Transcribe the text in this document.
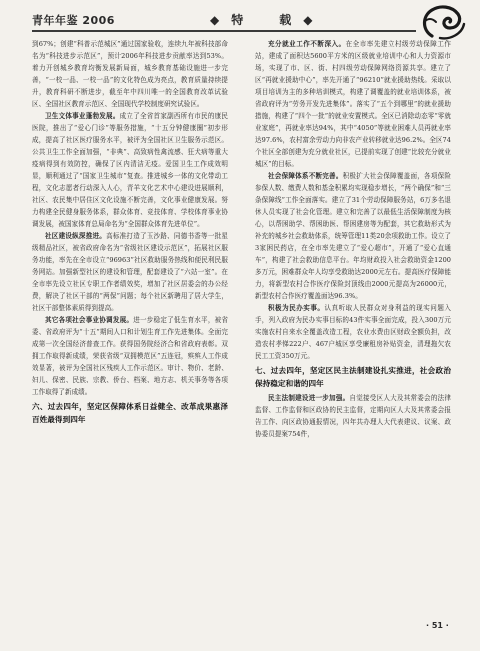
青年年鉴 2006	◆特　载◆

到67%；创建“科普示范城区”通过国家验收，连续九年被科技部命名为“科技进步示范区”，预计2006年科技进步贡献率达到53%。着力开创城乡教育均衡发展新局面，城乡教育基础设施进一步完善，“一校一品、一校一品”的文化特色成为亮点，教育质量持续提升，教育科研不断进步，截至年中四川唯一的全国教育改革试验区、全国社区教育示范区、全国现代学校制度研究试验区。

卫生文体事业蓬勃发展。成立了全省首家副西所有市民的康民医院，推出了“爱心门诊”等服务措施，“十五分钟健康圈”初步形成，提高了社区医疗服务水平，被评为全国社区卫生服务示范区。公共卫生工作全面加强，“非典”、高致病性禽流感、狂犬病等重大疫病得到有效防控，确保了区内清洁无疫。爱国卫生工作成效明显，顺利通过了“国家卫生城市”复查。推进城乡一体的文化带动工程，文化志愿者行动深入人心，青羊文化艺术中心建设进展顺利，社区、农民集中居住区文化设施不断完善，文化事业健康发展。努力构建全民健身服务体系，群众体育、竞技体育、学校体育事业协调发展，被国家体育总局命名为“全国群众体育先进单位”。

社区建设纵深推进。高标准打造了玉沙路、同德书香等一批星级精品社区，被省政府命名为“省级社区建设示范区”，拓展社区服务功能，率先在全市设立“96963”社区救助服务热线和便民利民服务网站。加强新型社区的建设和管理，配套建设了“六站一室”。在全市率先设立社区专职工作者绩效奖，增加了社区居委会的办公经费，解决了社区干部的“两保”问题；每个社区新聘用了居大学生，社区干部整体素质得到提高。

其它各项社会事业协调发展。进一步稳定了低生育水平，被省委、省政府评为“十五”期间人口和计划生育工作先进集体。全面完成第一次全国经济普查工作。获得国务院经济合和省政府表彰。双拥工作取得新成绩，荣获省级“双拥模范区”五连冠，殡殡人工作成效显著，被评为全国社区残疾人工作示范区。审计、物价、老龄、妇儿、保密、民族、宗教、侨台、档案、地方志、机关事务等各项工作取得了新成绩。

六、过去四年，坚定区保障体系日益健全、改革成果惠泽百姓最得到四年

充分就业工作不断深入。在全市率先建立村级劳动保障工作站，建成了面积达5600平方米的区级就业培训中心和人力资源市场，实现了市、区、街、村四级劳动保障网络资源共享。建立了区“再就业援助中心”，率先开通了“96210”就业援助热线。采取以项目培训为主的多种培训模式，构建了调覆盖的就业培训体系，被省政府评为“劳务开发先进集体”。落实了“五个到哪里”的就业援助措施，构建了“四个一批”的就业安置模式。全区已消除动态零“零就业家庭”，再就业率达94%，其中“4050”等就业困难人员再就业率达97.6%，农村富余劳动力向非农产业转移就业达96.2%。全区74个社区全部创建为充分就业社区，已提前实现了创建“比较充分就业城区”的目标。

社会保障体系不断完善。积极扩大社会保障覆盖面，各项保险参保人数、缴费人数和基金积累均实现稳步增长，“两个确保”和“三条保障线”工作全面落实。建立了31个劳动保障服务站，6万多名退休人员实现了社会化管理。建立和完善了以最低生活保障制度为核心，以帮困助学、帮困助医、帮困建房等为配套，其它救助形式为补充的城乡社会救助体系，统筹管理11类20余项救助工作。设立了3家困民药店，在全市率先建立了“爱心超市”，开通了“爱心直通车”，构建了社会救助信息平台。年均财政投入社会救助资金1200多万元，困难群众年人均享受救助达2000元左右。提高医疗保障能力，将新型农村合作医疗保险封顶线由2000元提高为26000元，新型农村合作医疗覆盖面达96.3%。

积极为民办实事。认真听取人民群众对身利益的现实问题入手，列入政府为民办实事目标的43件实事全面完成，投入300万元实施农村自来水全覆盖改造工程，农业水费由区财政全额负担，改造农村孝悌222户、467户城区享受廉租房补贴资金，清理拖欠农民工工资350万元。

七、过去四年，坚定区民主法制建设扎实推进，社会政治保持稳定和谐的四年

民主法制建设进一步加强。自觉接受区人大及其常委会的法律监督、工作监督和区政协的民主监督，定期向区人大及其常委会报告工作、向区政协通报情况，四年共办理人大代表建议、议案、政协委员提案754件，

· 51 ·
